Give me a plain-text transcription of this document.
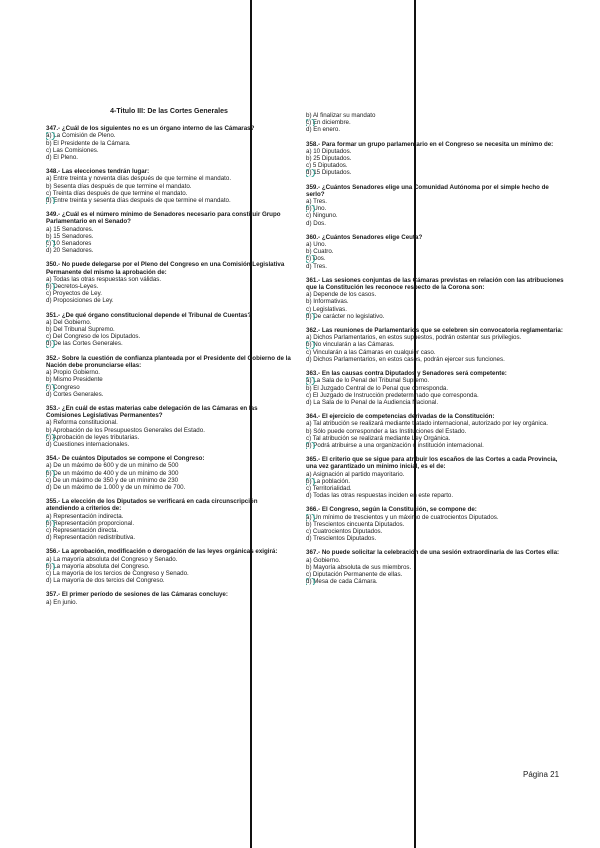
4-Titulo III: De las Cortes Generales
347.- ¿Cuál de los siguientes no es un órgano interno de las Cámaras?
a) La Comisión de Pleno.
b) El Presidente de la Cámara.
c) Las Comisiones.
d) El Pleno.
348.- Las elecciones tendrán lugar:
a) Entre treinta y noventa días después de que termine el mandato.
b) Sesenta días después de que termine el mandato.
c) Treinta días después de que termine el mandato.
d) Entre treinta y sesenta días después de que termine el mandato.
349.- ¿Cuál es el número mínimo de Senadores necesario para constituir Grupo Parlamentario en el Senado?
a) 15 Senadores.
b) 15 Senadores.
c) 10 Senadores
d) 20 Senadores.
350.- No puede delegarse por el Pleno del Congreso en una Comisión Legislativa Permanente del mismo la aprobación de:
a) Todas las otras respuestas son válidas.
b) Decretos-Leyes.
c) Proyectos de Ley.
d) Proposiciones de Ley.
351.- ¿De qué órgano constitucional depende el Tribunal de Cuentas?
a) Del Gobierno.
b) Del Tribunal Supremo.
c) Del Congreso de los Diputados.
d) De las Cortes Generales.
352.- Sobre la cuestión de confianza planteada por el Presidente del Gobierno de la Nación debe pronunciarse ellas:
a) Propio Gobierno.
b) Mismo Presidente
c) Congreso
d) Cortes Generales.
353.- ¿En cuál de estas materias cabe delegación de las Cámaras en las Comisiones Legislativas Permanentes?
a) Reforma constitucional.
b) Aprobación de los Presupuestos Generales del Estado.
c) Aprobación de leyes tributarias.
d) Cuestiones internacionales.
354.- De cuántos Diputados se compone el Congreso:
a) De un máximo de 600 y de un mínimo de 500
b) De un máximo de 400 y de un mínimo de 300
c) De un máximo de 350 y de un mínimo de 230
d) De un máximo de 1.000 y de un mínimo de 700.
355.- La elección de los Diputados se verificará en cada circunscripción atendiendo a criterios de:
a) Representación indirecta.
b) Representación proporcional.
c) Representación directa.
d) Representación redistributiva.
356.- La aprobación, modificación o derogación de las leyes orgánicas exigirá:
a) La mayoría absoluta del Congreso y Senado.
b) La mayoría absoluta del Congreso.
c) La mayoría de los tercios de Congreso y Senado.
d) La mayoría de dos tercios del Congreso.
357.- El primer período de sesiones de las Cámaras concluye:
a) En junio.
b) Al finalizar su mandato
c) En diciembre.
d) En enero.
358.- Para formar un grupo parlamentario en el Congreso se necesita un mínimo de:
a) 10 Diputados.
b) 25 Diputados.
c) 5 Diputados.
d) 15 Diputados.
359.- ¿Cuántos Senadores elige una Comunidad Autónoma por el simple hecho de serlo?
a) Tres.
b) Uno.
c) Ninguno.
d) Dos.
360.- ¿Cuántos Senadores elige Ceuta?
a) Uno.
b) Cuatro.
c) Dos.
d) Tres.
361.- Las sesiones conjuntas de las Cámaras previstas en relación con las atribuciones que la Constitución les reconoce respecto de la Corona son:
a) Depende de los casos.
b) Informativas.
c) Legislativas.
d) De carácter no legislativo.
362.- Las reuniones de Parlamentarios que se celebren sin convocatoria reglamentaria:
a) Dichos Parlamentarios, en estos supuestos, podrán ostentar sus privilegios.
b) No vincularán a las Cámaras.
c) Vincularán a las Cámaras en cualquier caso.
d) Dichos Parlamentarios, en estos casos, podrán ejercer sus funciones.
363.- En las causas contra Diputados y Senadores será competente:
a) La Sala de lo Penal del Tribunal Supremo.
b) El Juzgado Central de lo Penal que corresponda.
c) El Juzgado de Instrucción predeterminado que corresponda.
d) La Sala de lo Penal de la Audiencia Nacional.
364.- El ejercicio de competencias derivadas de la Constitución:
a) Tal atribución se realizará mediante tratado internacional, autorizado por ley orgánica.
b) Sólo puede corresponder a las Instituciones del Estado.
c) Tal atribución se realizará mediante Ley Orgánica.
d) Podrá atribuirse a una organización o institución internacional.
365.- El criterio que se sigue para atribuir los escaños de las Cortes a cada Provincia, una vez garantizado un mínimo inicial, es el de:
a) Asignación al partido mayoritario.
b) La población.
c) Territorialidad.
d) Todas las otras respuestas inciden en este reparto.
366.- El Congreso, según la Constitución, se compone de:
a) Un mínimo de trescientos y un máximo de cuatrocientos Diputados.
b) Trescientos cincuenta Diputados.
c) Cuatrocientos Diputados.
d) Trescientos Diputados.
367.- No puede solicitar la celebración de una sesión extraordinaria de las Cortes ella:
a) Gobierno.
b) Mayoría absoluta de sus miembros.
c) Diputación Permanente de ellas.
d) Mesa de cada Cámara.
Página 21
